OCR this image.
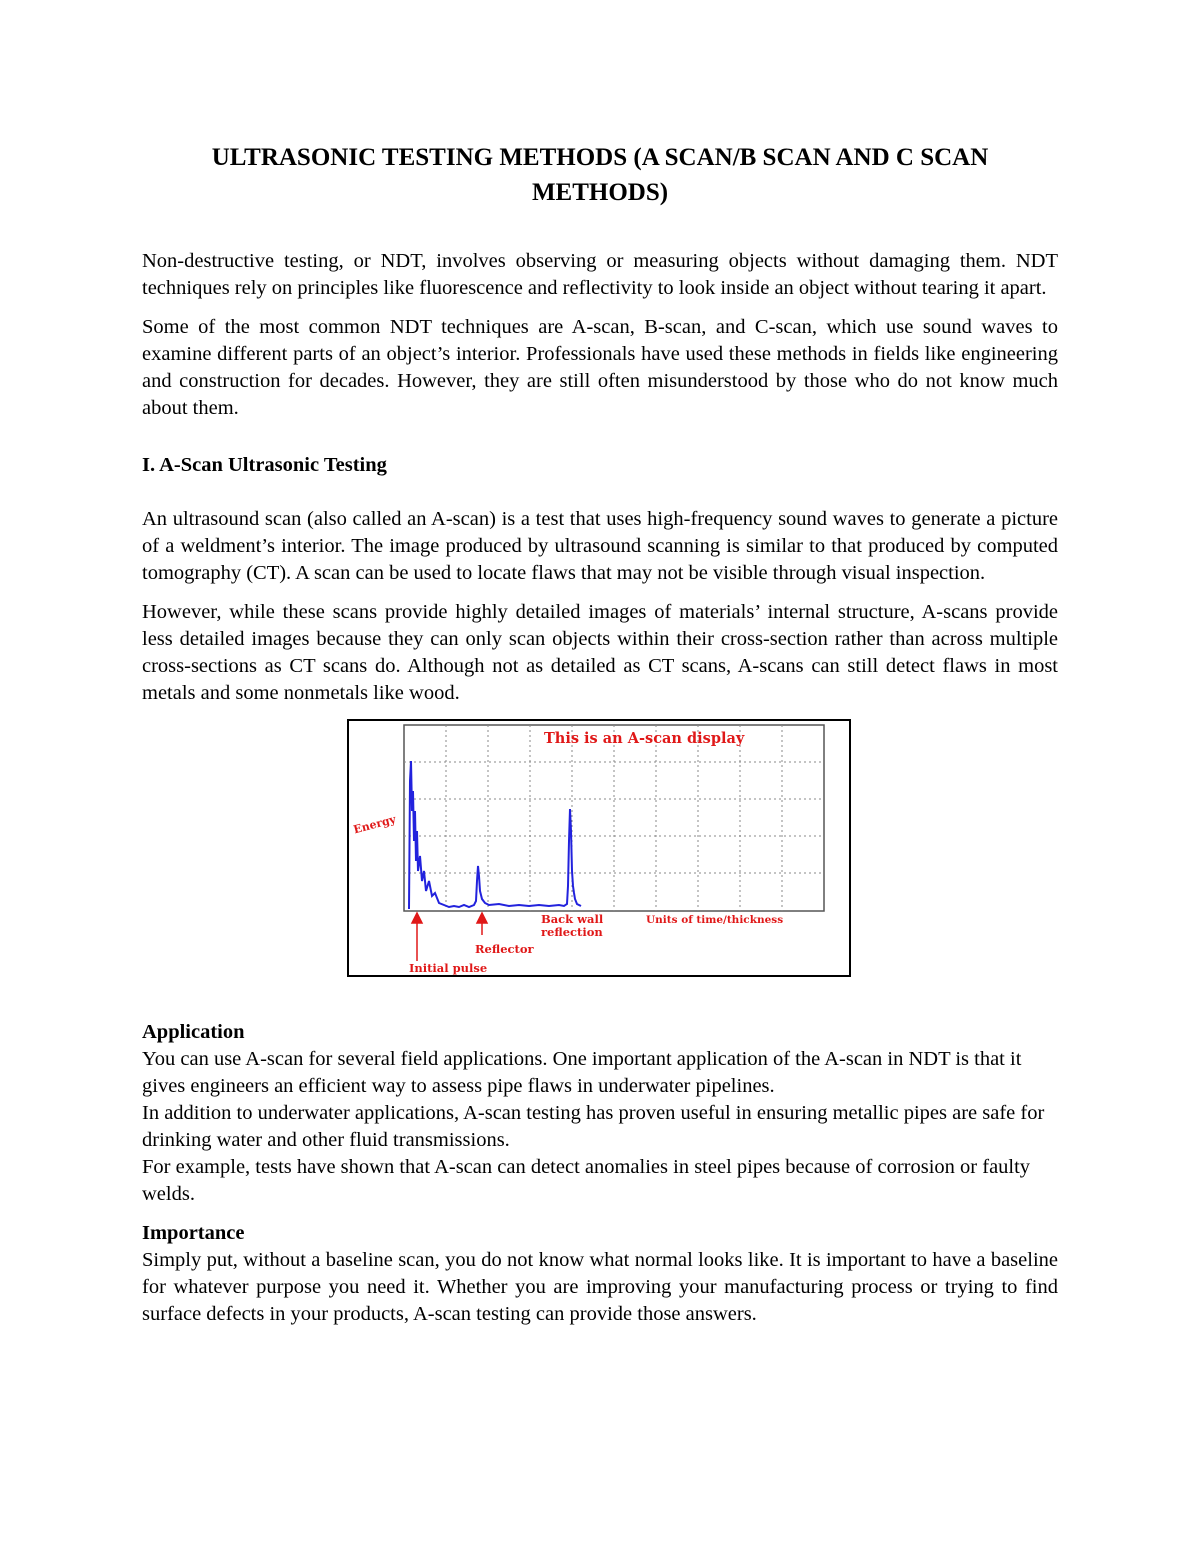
ULTRASONIC TESTING METHODS (A SCAN/B SCAN AND C SCAN METHODS)

Non-destructive testing, or NDT, involves observing or measuring objects without damaging them. NDT techniques rely on principles like fluorescence and reflectivity to look inside an object without tearing it apart.

Some of the most common NDT techniques are A-scan, B-scan, and C-scan, which use sound waves to examine different parts of an object’s interior. Professionals have used these methods in fields like engineering and construction for decades. However, they are still often misunderstood by those who do not know much about them.

I. A-Scan Ultrasonic Testing

An ultrasound scan (also called an A-scan) is a test that uses high-frequency sound waves to generate a picture of a weldment’s interior. The image produced by ultrasound scanning is similar to that produced by computed tomography (CT). A scan can be used to locate flaws that may not be visible through visual inspection.

However, while these scans provide highly detailed images of materials’ internal structure, A-scans provide less detailed images because they can only scan objects within their cross-section rather than across multiple cross-sections as CT scans do. Although not as detailed as CT scans, A-scans can still detect flaws in most metals and some nonmetals like wood.

This is an A-scan display
Energy
Units of time/thickness
Back wall
reflection
Reflector
Initial pulse
Application

You can use A-scan for several field applications. One important application of the A-scan in NDT is that it gives engineers an efficient way to assess pipe flaws in underwater pipelines.

In addition to underwater applications, A-scan testing has proven useful in ensuring metallic pipes are safe for drinking water and other fluid transmissions.

For example, tests have shown that A-scan can detect anomalies in steel pipes because of corrosion or faulty welds.

Importance

Simply put, without a baseline scan, you do not know what normal looks like. It is important to have a baseline for whatever purpose you need it. Whether you are improving your manufacturing process or trying to find surface defects in your products, A-scan testing can provide those answers.
